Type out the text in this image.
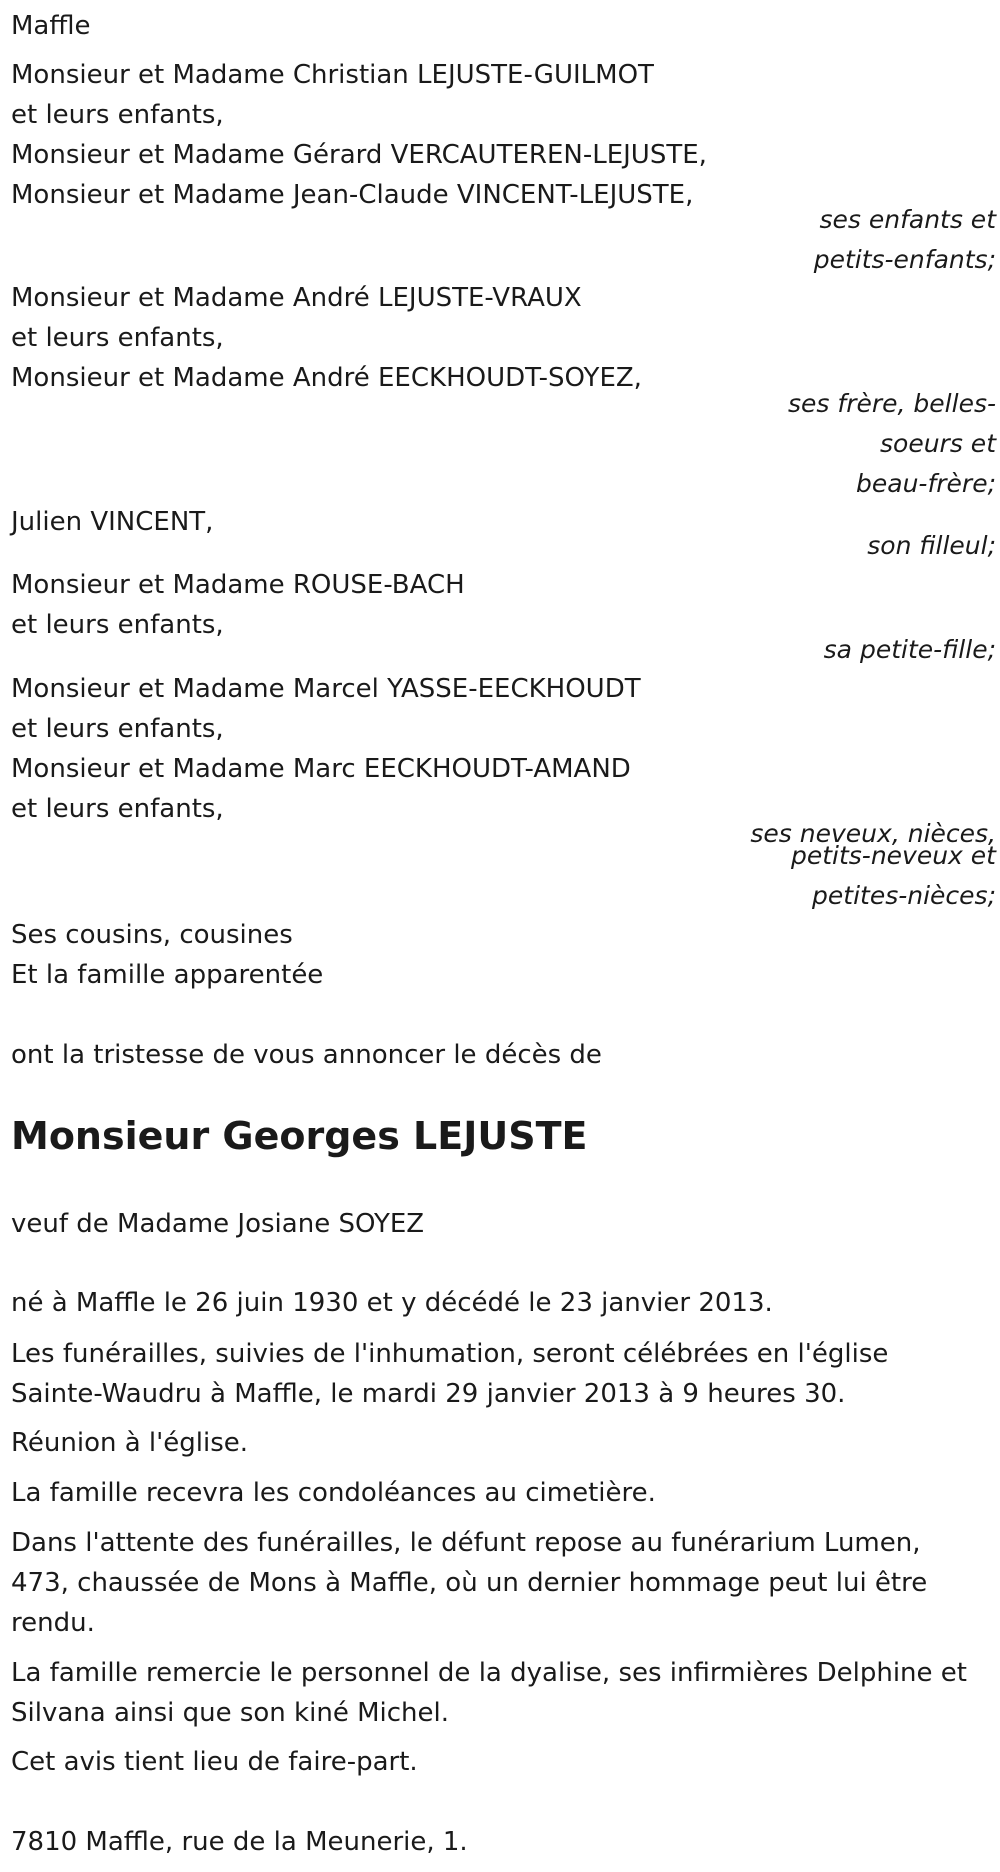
Maffle
Monsieur et Madame Christian LEJUSTE-GUILMOT
et leurs enfants,
Monsieur et Madame Gérard VERCAUTEREN-LEJUSTE,
Monsieur et Madame Jean-Claude VINCENT-LEJUSTE,
ses enfants et
petits-enfants;
Monsieur et Madame André LEJUSTE-VRAUX
et leurs enfants,
Monsieur et Madame André EECKHOUDT-SOYEZ,
ses frère, belles-
soeurs et
beau-frère;
Julien VINCENT,
son filleul;
Monsieur et Madame ROUSE-BACH
et leurs enfants,
sa petite-fille;
Monsieur et Madame Marcel YASSE-EECKHOUDT
et leurs enfants,
Monsieur et Madame Marc EECKHOUDT-AMAND
et leurs enfants,
ses neveux, nièces,
petits-neveux et
petites-nièces;
Ses cousins, cousines
Et la famille apparentée
ont la tristesse de vous annoncer le décès de
Monsieur Georges LEJUSTE
veuf de Madame Josiane SOYEZ
né à Maffle le 26 juin 1930 et y décédé le 23 janvier 2013.
Les funérailles, suivies de l'inhumation, seront célébrées en l'église
Sainte-Waudru à Maffle, le mardi 29 janvier 2013 à 9 heures 30.
Réunion à l'église.
La famille recevra les condoléances au cimetière.
Dans l'attente des funérailles, le défunt repose au funérarium Lumen,
473, chaussée de Mons à Maffle, où un dernier hommage peut lui être
rendu.
La famille remercie le personnel de la dyalise, ses infirmières Delphine et
Silvana ainsi que son kiné Michel.
Cet avis tient lieu de faire-part.
7810 Maffle, rue de la Meunerie, 1.
